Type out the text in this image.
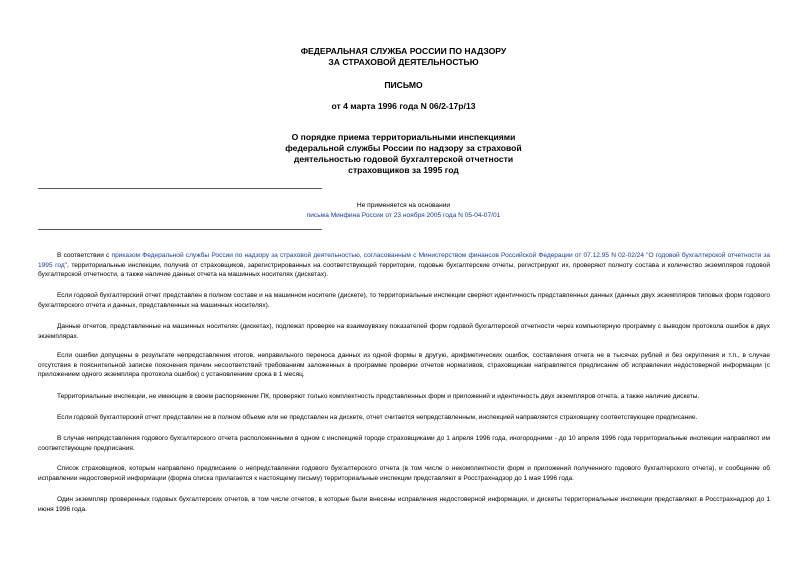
ФЕДЕРАЛЬНАЯ СЛУЖБА РОССИИ ПО НАДЗОРУ
ЗА СТРАХОВОЙ ДЕЯТЕЛЬНОСТЬЮ
ПИСЬМО
от 4 марта 1996 года N 06/2-17р/13
О порядке приема территориальными инспекциями
федеральной службы России по надзору за страховой
деятельностью годовой бухгалтерской отчетности
страховщиков за 1995 год
Не применяется на основании
письма Минфина России от 23 ноября 2005 года N 05-04-07/01
В соответствии с приказом Федеральной службы России по надзору за страховой деятельностью, согласованным с Министерством финансов Российской Федерации от 07.12.95 N 02-02/24 "О годовой бухгалтерской отчетности за 1995 год", территориальные инспекции, получив от страховщиков, зарегистрированных на соответствующей территории, годовые бухгалтерские отчеты, регистрируют их, проверяют полноту состава и количество экземпляров годовой бухгалтерской отчетности, а также наличие данных отчета на машинных носителях (дискетах).
Если годовой бухгалтерский отчет представлен в полном составе и на машинном носителе (дискете), то территориальные инспекции сверяют идентичность представленных данных (данных двух экземпляров типовых форм годового бухгалтерского отчета и данных, представленных на машинных носителях).
Данные отчетов, представленные на машинных носителях (дискетах), подлежат проверке на взаимоувязку показателей форм годовой бухгалтерской отчетности через компьютерную программу с выводом протокола ошибок в двух экземплярах.
Если ошибки допущены в результате непредставления итогов, неправильного переноса данных из одной формы в другую, арифметических ошибок, составления отчета не в тысячах рублей и без округления и т.п., в случае отсутствия в пояснительной записке пояснения причин несоответствий требованиям заложенных в программе проверки отчетов нормативов, страховщикам направляется предписание об исправлении недостоверной информации (с приложением одного экземпляра протокола ошибок) с установлением срока в 1 месяц.
Территориальные инспекции, не имеющие в своем распоряжении ПК, проверяют только комплектность представленных форм и приложений и идентичность двух экземпляров отчета, а также наличие дискеты.
Если годовой бухгалтерский отчет представлен не в полном объеме или не представлен на дискете, отчет считается непредставленным, инспекцией направляется страховщику соответствующее предписание.
В случае непредставления годового бухгалтерского отчета расположенными в одном с инспекцией городе страховщиками до 1 апреля 1996 года, иногородними - до 10 апреля 1996 года территориальные инспекции направляют им соответствующие предписания.
Список страховщиков, которым направлено предписание о непредставлении годового бухгалтерского отчета (в том числе о некомплектности форм и приложений полученного годового бухгалтерского отчета), и сообщение об исправлении недостоверной информации (форма списка прилагается к настоящему письму) территориальные инспекции представляют в Росстрахнадзор до 1 мая 1996 года.
Один экземпляр проверенных годовых бухгалтерских отчетов, в том числе отчетов, в которые были внесены исправления недостоверной информации, и дискеты территориальные инспекции представляют в Росстрахнадзор до 1 июня 1996 года.
